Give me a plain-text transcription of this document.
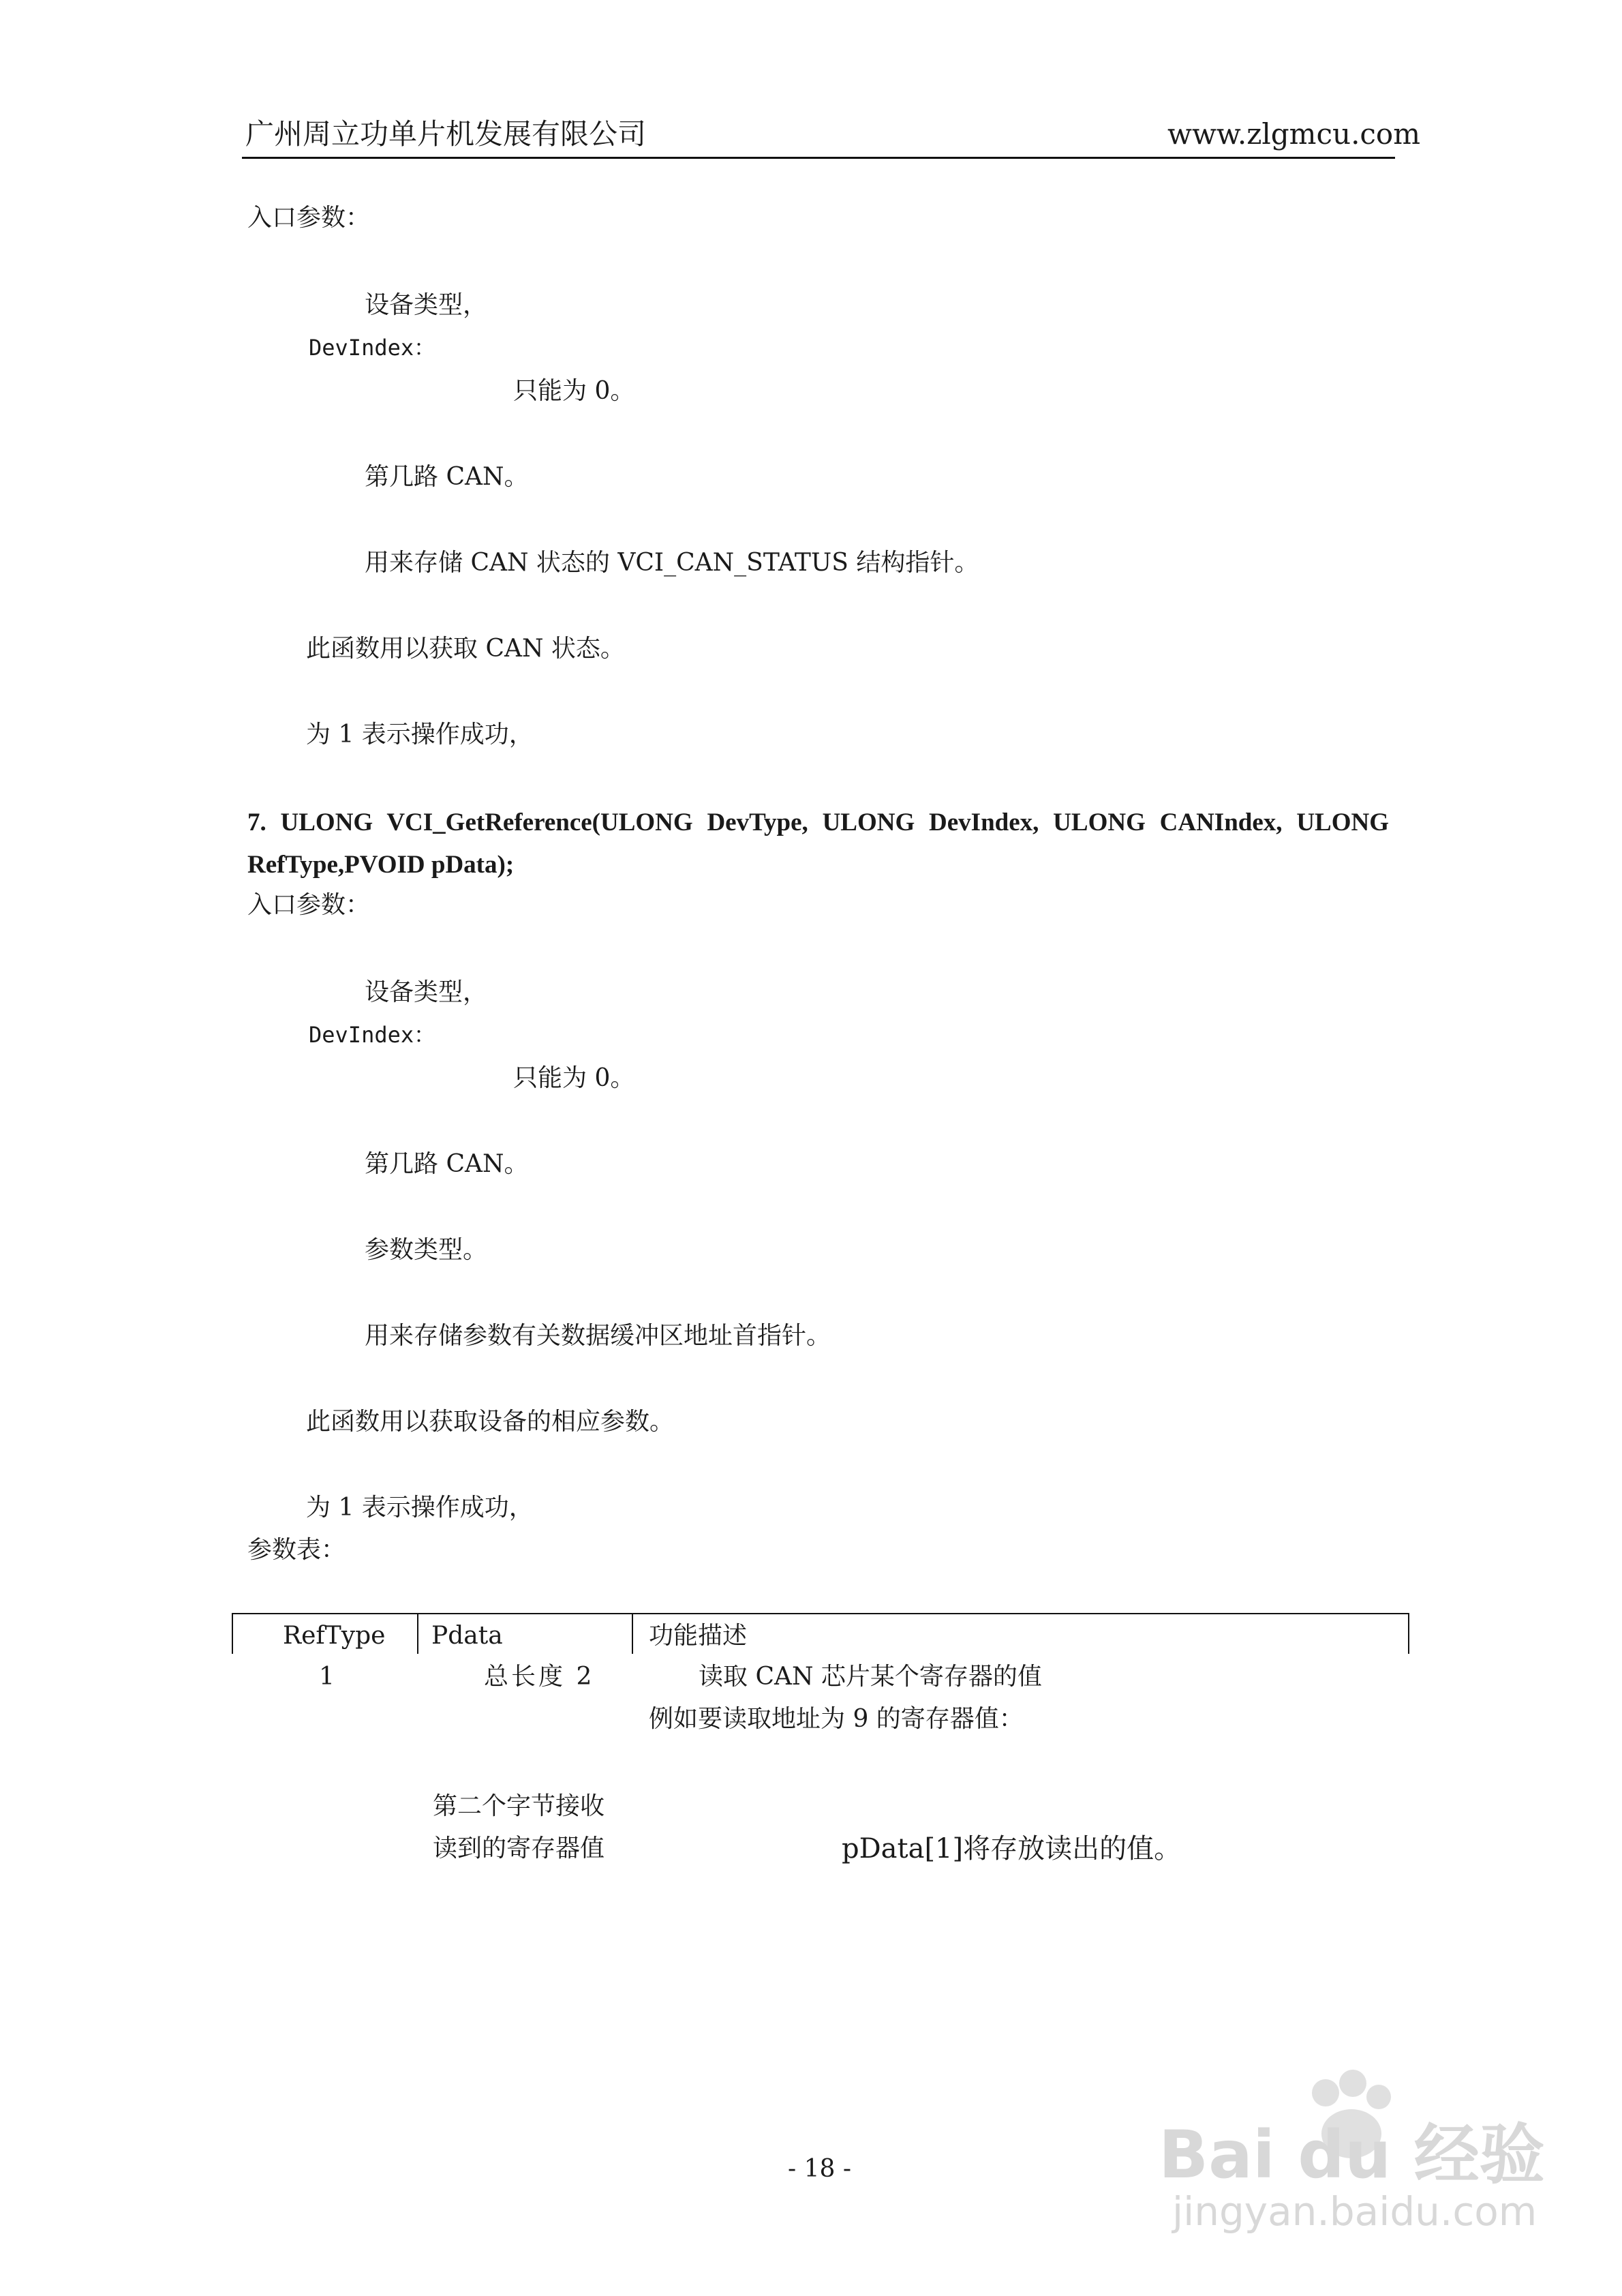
广州周立功单片机发展有限公司	www.zlgmcu.com
入口参数：
设备类型，
DevIndex：
只能为 0。
第几路 CAN。
用来存储 CAN 状态的 VCI_CAN_STATUS 结构指针。
此函数用以获取 CAN 状态。
为 1 表示操作成功，
7. ULONG VCI_GetReference(ULONG DevType, ULONG DevIndex, ULONG CANIndex, ULONG
RefType,PVOID pData);
入口参数：
设备类型，
DevIndex：
只能为 0。
第几路 CAN。
参数类型。
用来存储参数有关数据缓冲区地址首指针。
此函数用以获取设备的相应参数。
为 1 表示操作成功，
参数表：
RefType Pdata	功能描述
1	总长度 2	读取 CAN 芯片某个寄存器的值
例如要读取地址为 9 的寄存器值：
第二个字节接收
读到的寄存器值	pData[1]将存放读出的值。
- 18 -	Bai du 经验
jingyan.baidu.com
